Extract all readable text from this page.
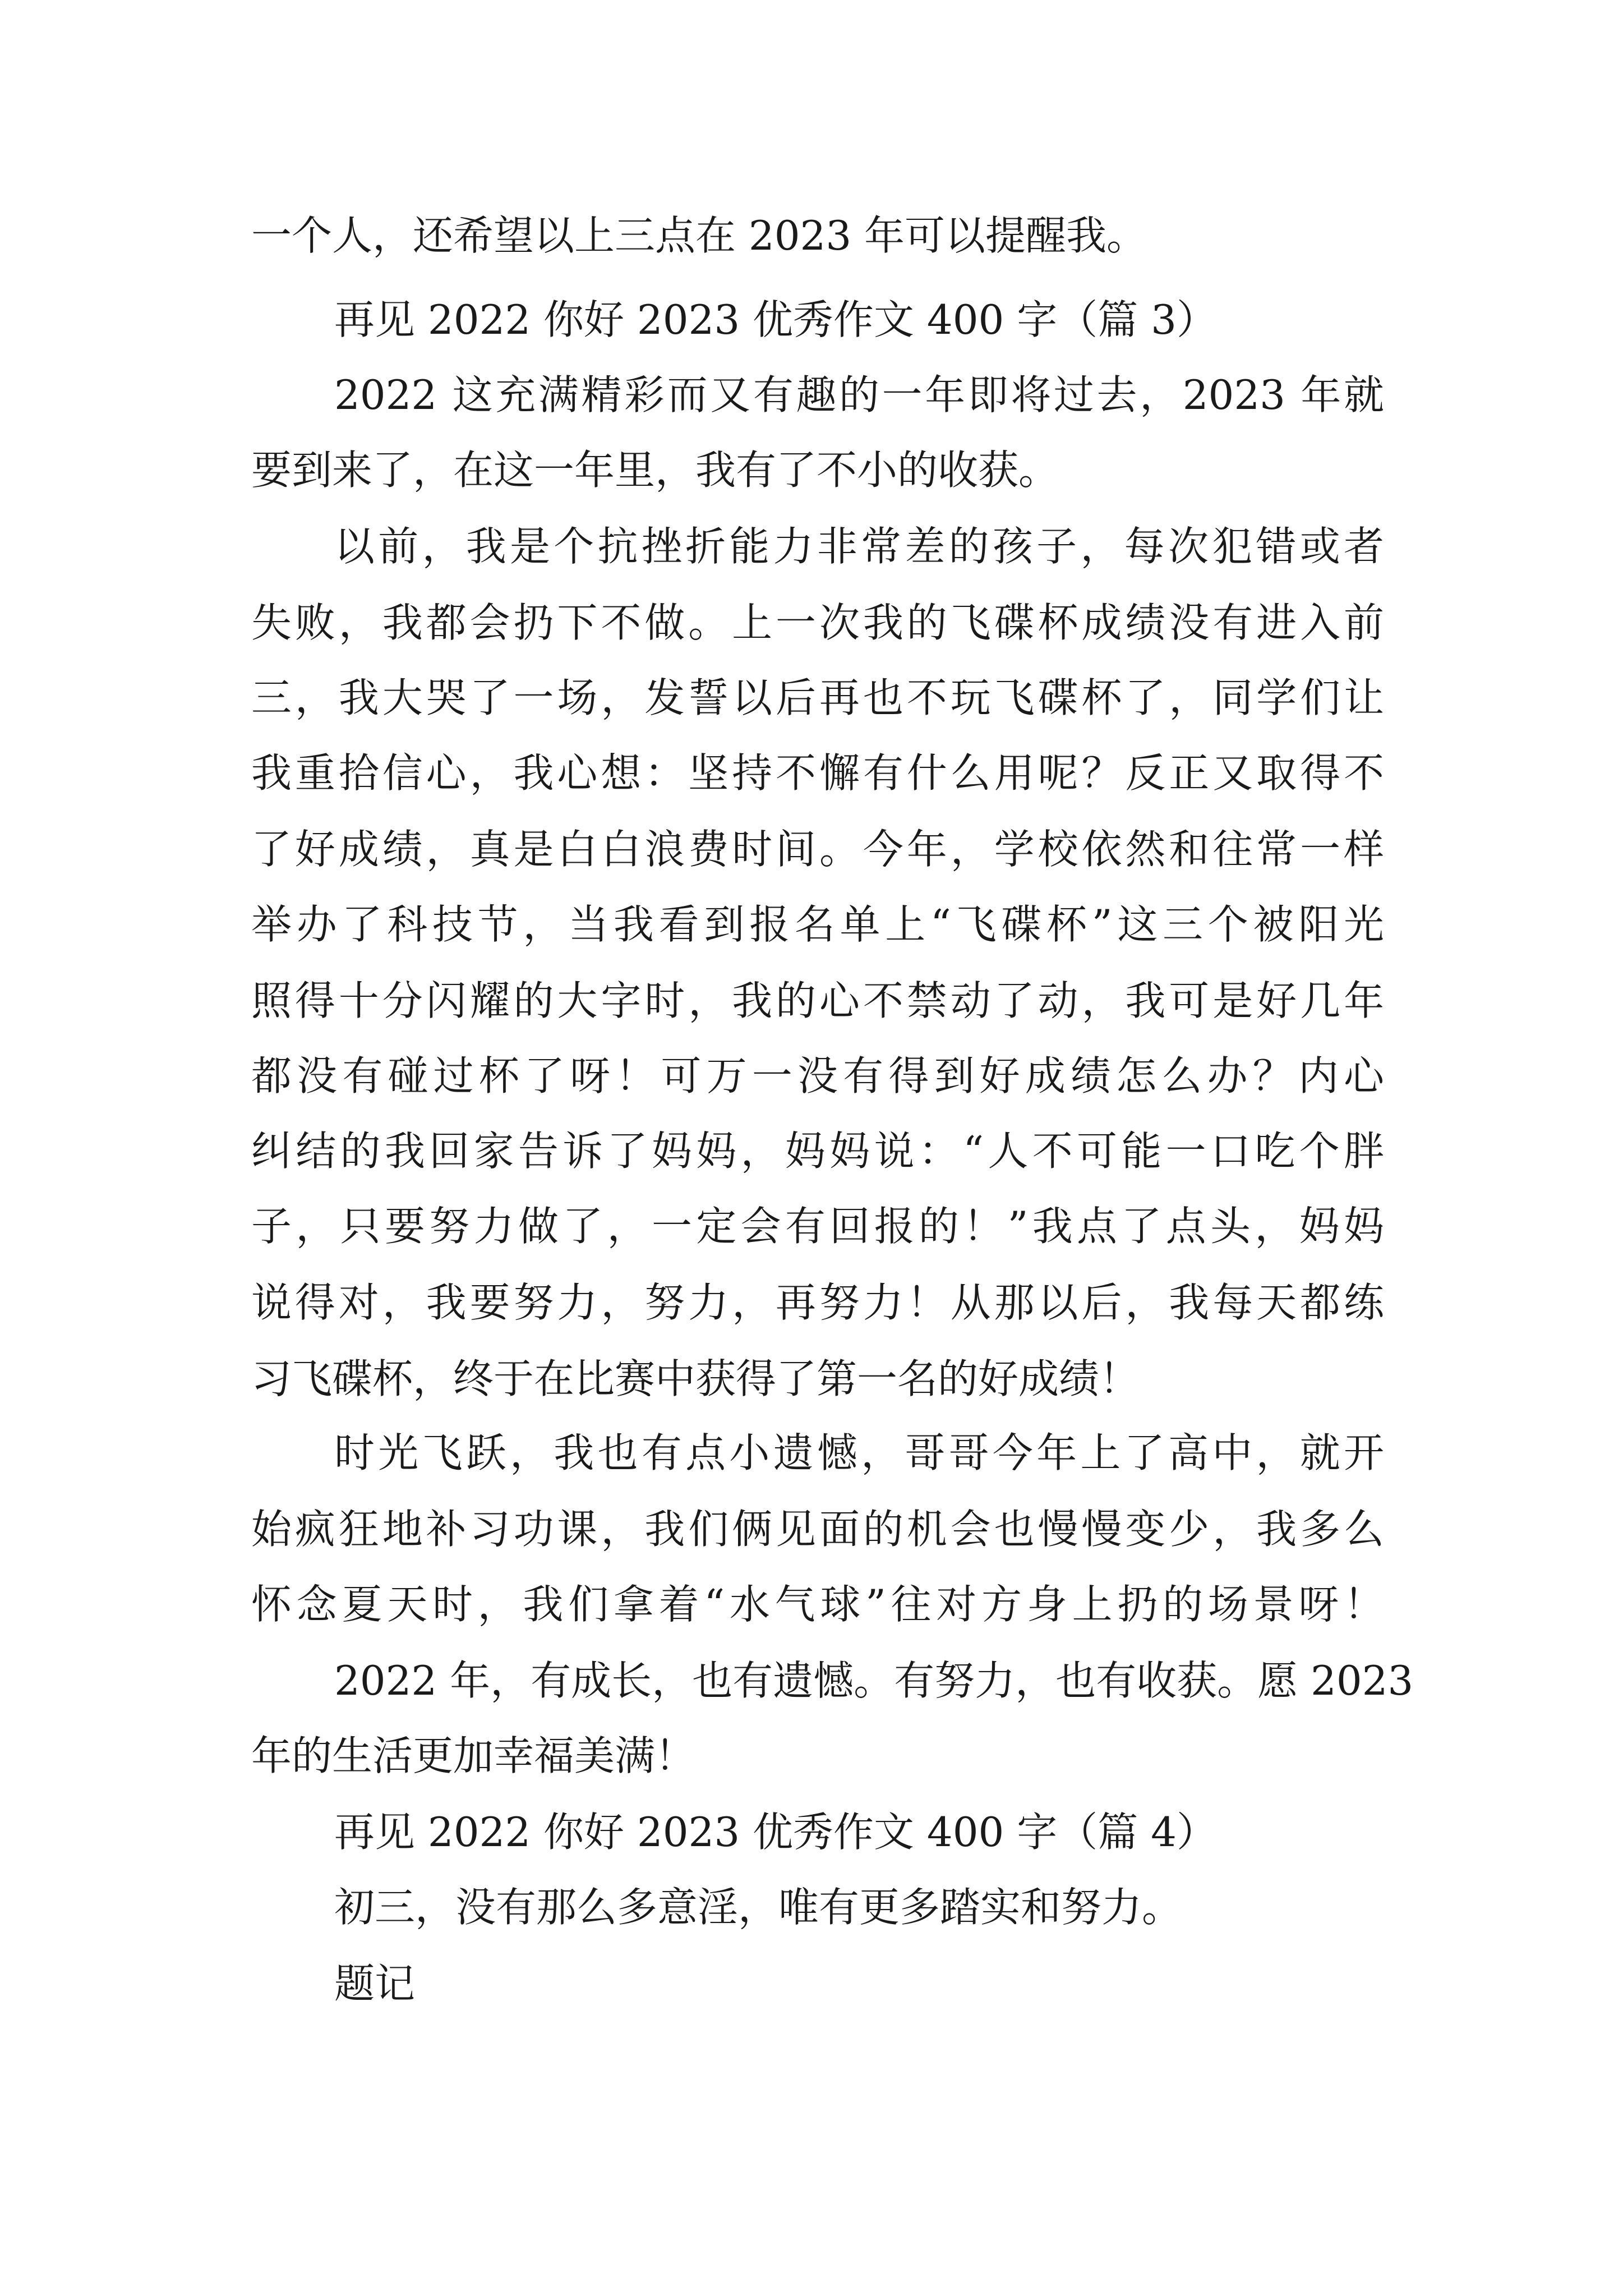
一个人，还希望以上三点在 2023 年可以提醒我。

再见 2022 你好 2023 优秀作文 400 字（篇 3）

2022 这充满精彩而又有趣的一年即将过去，2023 年就

要到来了，在这一年里，我有了不小的收获。

以前，我是个抗挫折能力非常差的孩子，每次犯错或者

失败，我都会扔下不做。上一次我的飞碟杯成绩没有进入前

三，我大哭了一场，发誓以后再也不玩飞碟杯了，同学们让

我重拾信心，我心想：坚持不懈有什么用呢？反正又取得不

了好成绩，真是白白浪费时间。今年，学校依然和往常一样

举办了科技节，当我看到报名单上“飞碟杯”这三个被阳光

照得十分闪耀的大字时，我的心不禁动了动，我可是好几年

都没有碰过杯了呀！可万一没有得到好成绩怎么办？内心

纠结的我回家告诉了妈妈，妈妈说：“人不可能一口吃个胖

子，只要努力做了，一定会有回报的！”我点了点头，妈妈

说得对，我要努力，努力，再努力！从那以后，我每天都练

习飞碟杯，终于在比赛中获得了第一名的好成绩！

时光飞跃，我也有点小遗憾，哥哥今年上了高中，就开

始疯狂地补习功课，我们俩见面的机会也慢慢变少，我多么

怀念夏天时，我们拿着“水气球”往对方身上扔的场景呀！

2022 年，有成长，也有遗憾。有努力，也有收获。愿 2023

年的生活更加幸福美满！

再见 2022 你好 2023 优秀作文 400 字（篇 4）

初三，没有那么多意淫，唯有更多踏实和努力。

题记
